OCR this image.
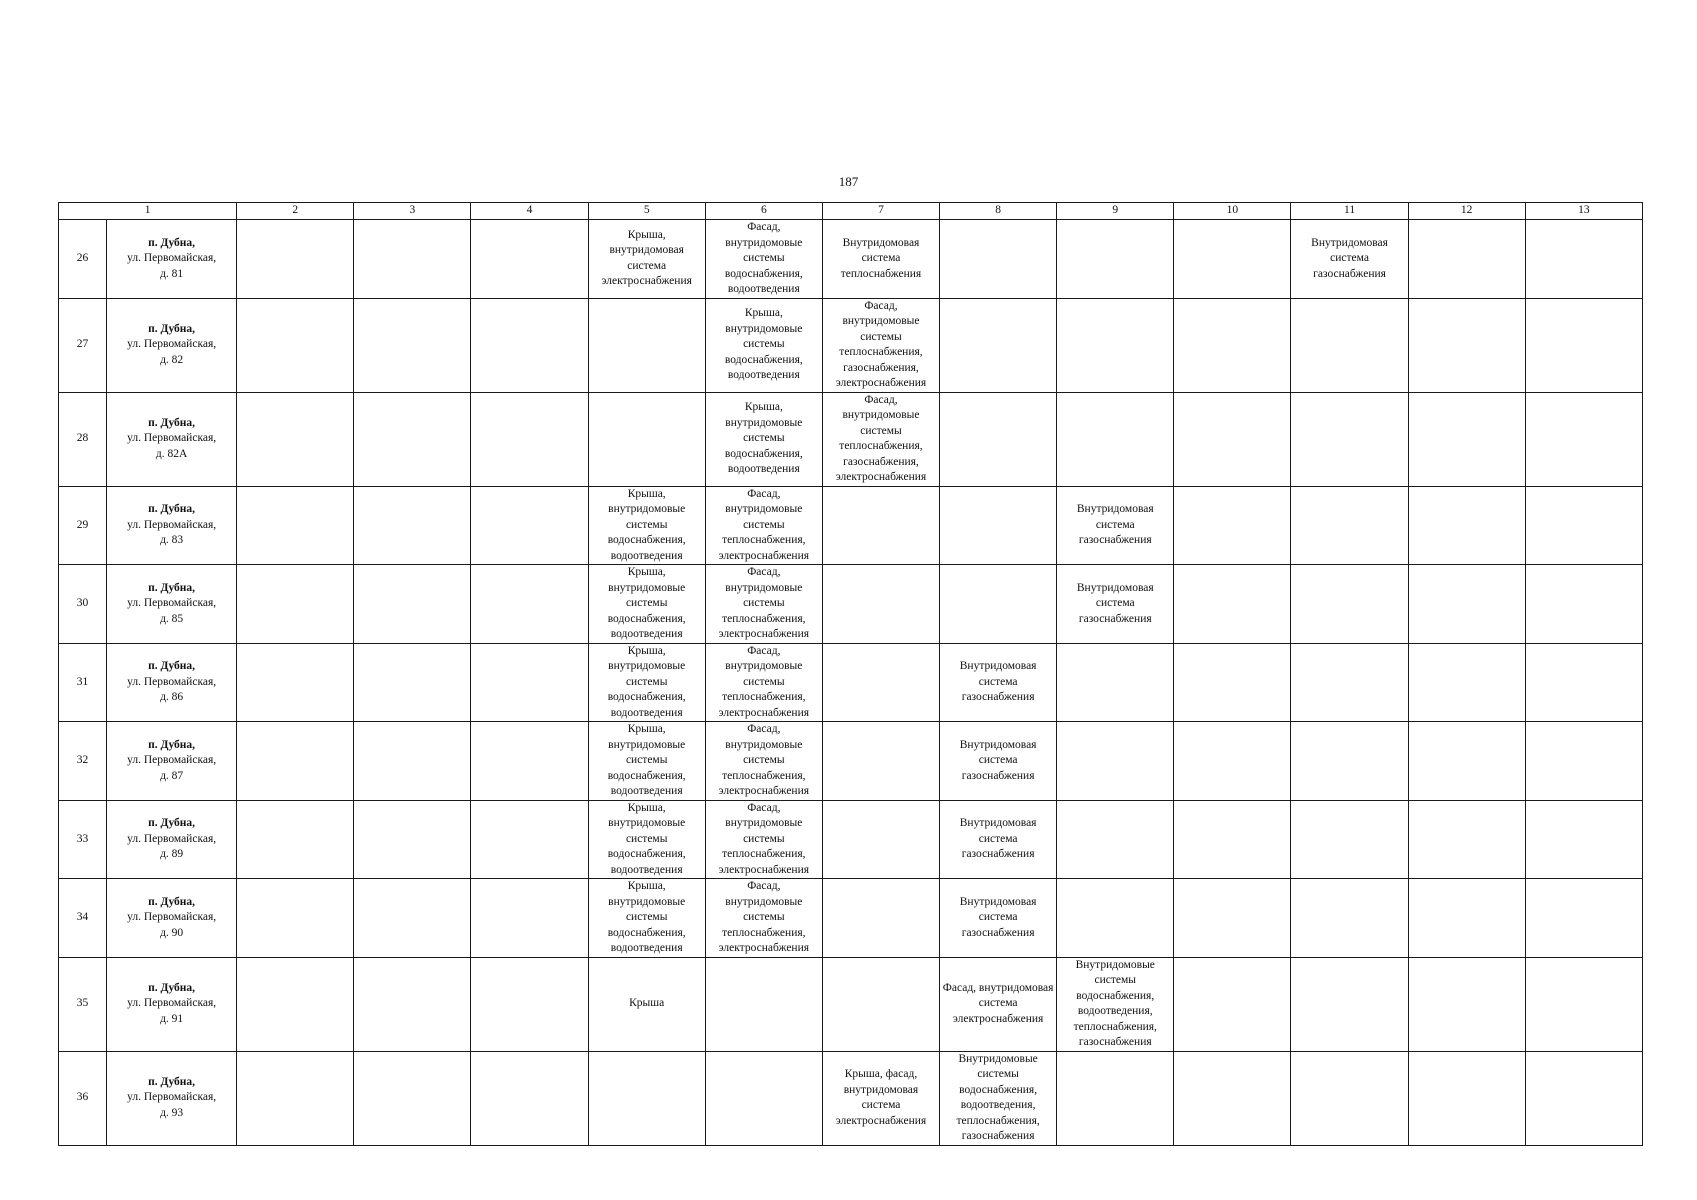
187
1		2	3	4	5	6	7	8	9	10	11	12	13
26	п. Дубна,
ул. Первомайская,
д. 81				Крыша, внутридомовая система электроснабжения	Фасад, внутридомовые системы водоснабжения, водоотведения	Внутридомовая система теплоснабжения				Внутридомовая система газоснабжения		
27	п. Дубна,
ул. Первомайская,
д. 82					Крыша, внутридомовые системы водоснабжения, водоотведения	Фасад, внутридомовые системы теплоснабжения, газоснабжения, электроснабжения						
28	п. Дубна,
ул. Первомайская,
д. 82А					Крыша, внутридомовые системы водоснабжения, водоотведения	Фасад, внутридомовые системы теплоснабжения, газоснабжения, электроснабжения						
29	п. Дубна,
ул. Первомайская,
д. 83				Крыша, внутридомовые системы водоснабжения, водоотведения	Фасад, внутридомовые системы теплоснабжения, электроснабжения			Внутридомовая система газоснабжения				
30	п. Дубна,
ул. Первомайская,
д. 85				Крыша, внутридомовые системы водоснабжения, водоотведения	Фасад, внутридомовые системы теплоснабжения, электроснабжения			Внутридомовая система газоснабжения				
31	п. Дубна,
ул. Первомайская,
д. 86				Крыша, внутридомовые системы водоснабжения, водоотведения	Фасад, внутридомовые системы теплоснабжения, электроснабжения		Внутридомовая система газоснабжения					
32	п. Дубна,
ул. Первомайская,
д. 87				Крыша, внутридомовые системы водоснабжения, водоотведения	Фасад, внутридомовые системы теплоснабжения, электроснабжения		Внутридомовая система газоснабжения					
33	п. Дубна,
ул. Первомайская,
д. 89				Крыша, внутридомовые системы водоснабжения, водоотведения	Фасад, внутридомовые системы теплоснабжения, электроснабжения		Внутридомовая система газоснабжения					
34	п. Дубна,
ул. Первомайская,
д. 90				Крыша, внутридомовые системы водоснабжения, водоотведения	Фасад, внутридомовые системы теплоснабжения, электроснабжения		Внутридомовая система газоснабжения					
35	п. Дубна,
ул. Первомайская,
д. 91				Крыша			Фасад, внутридомовая система электроснабжения	Внутридомовые системы водоснабжения, водоотведения, теплоснабжения, газоснабжения				
36	п. Дубна,
ул. Первомайская,
д. 93						Крыша, фасад, внутридомовая система электроснабжения	Внутридомовые системы водоснабжения, водоотведения, теплоснабжения, газоснабжения					
